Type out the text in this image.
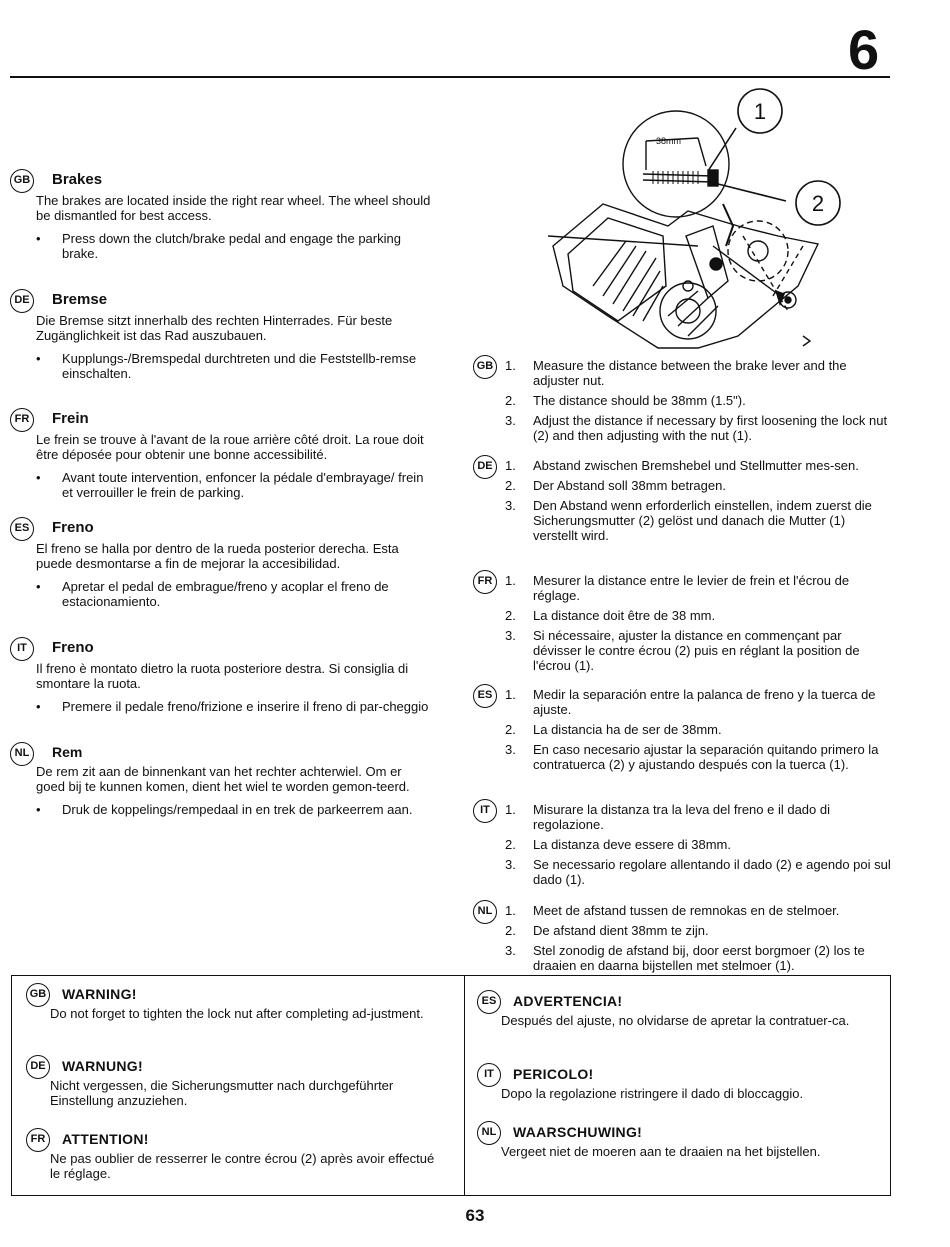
6
38mm
1
2
GB Brakes
The brakes are located inside the right rear wheel. The wheel should be dismantled for best access.
• Press down the clutch/brake pedal and engage the parking brake.
DE Bremse
Die Bremse sitzt innerhalb des rechten Hinterrades. Für beste Zugänglichkeit ist das Rad auszubauen.
• Kupplungs-/Bremspedal durchtreten und die Feststellb-remse einschalten.
FR	Frein
Le frein se trouve à l'avant de la roue arrière côté droit. La roue doit être déposée pour obtenir une bonne accessibilité.
• Avant toute intervention, enfoncer la pédale d'embrayage/ frein et verrouiller le frein de parking.
ES	Freno
El freno se halla por dentro de la rueda posterior derecha. Esta puede desmontarse a fin de mejorar la accesibilidad.
• Apretar el pedal de embrague/freno y acoplar el freno de estacionamiento.
IT	Freno
Il freno è montato dietro la ruota posteriore destra. Si consiglia di smontare la ruota.
• Premere il pedale freno/frizione e inserire il freno di par-cheggio
NL	Rem
De rem zit aan de binnenkant van het rechter achterwiel. Om er goed bij te kunnen komen, dient het wiel te worden gemon-teerd.
• Druk de koppelings/rempedaal in en trek de parkeerrem aan.
GB 1. Measure the distance between the brake lever and the adjuster nut.
2. The distance should be 38mm (1.5").
3. Adjust the distance if necessary by first loosening the lock nut (2) and then adjusting with the nut (1).
DE 1. Abstand zwischen Bremshebel und Stellmutter mes-sen.
2. Der Abstand soll 38mm betragen.
3. Den Abstand wenn erforderlich einstellen, indem zuerst die Sicherungsmutter (2) gelöst und danach die Mutter (1) verstellt wird.
FR 1. Mesurer la distance entre le levier de frein et l'écrou de réglage.
2. La distance doit être de 38 mm.
3. Si nécessaire, ajuster la distance en commençant par dévisser le contre écrou (2) puis en réglant la position de l'écrou (1).
ES 1. Medir la separación entre la palanca de freno y la tuerca de ajuste.
2. La distancia ha de ser de 38mm.
3. En caso necesario ajustar la separación quitando primero la contratuerca (2) y ajustando después con la tuerca (1).
IT	1. Misurare la distanza tra la leva del freno e il dado di regolazione.
2. La distanza deve essere di 38mm.
3. Se necessario regolare allentando il dado (2) e agendo poi sul dado (1).
NL 1. Meet de afstand tussen de remnokas en de stelmoer.
2. De afstand dient 38mm te zijn.
3. Stel zonodig de afstand bij, door eerst borgmoer (2) los te draaien en daarna bijstellen met stelmoer (1).
GB WARNING!
Do not forget to tighten the lock nut after completing ad-justment.
DE	WARNUNG!
Nicht vergessen, die Sicherungsmutter nach durchgeführter Einstellung anzuziehen.
FR	ATTENTION!
Ne pas oublier de resserrer le contre écrou (2) après avoir effectué le réglage.
ES	ADVERTENCIA!
Después del ajuste, no olvidarse de apretar la contratuer-ca.
IT	PERICOLO!
Dopo la regolazione ristringere il dado di bloccaggio.
NL	WAARSCHUWING!
Vergeet niet de moeren aan te draaien na het bijstellen.
63
